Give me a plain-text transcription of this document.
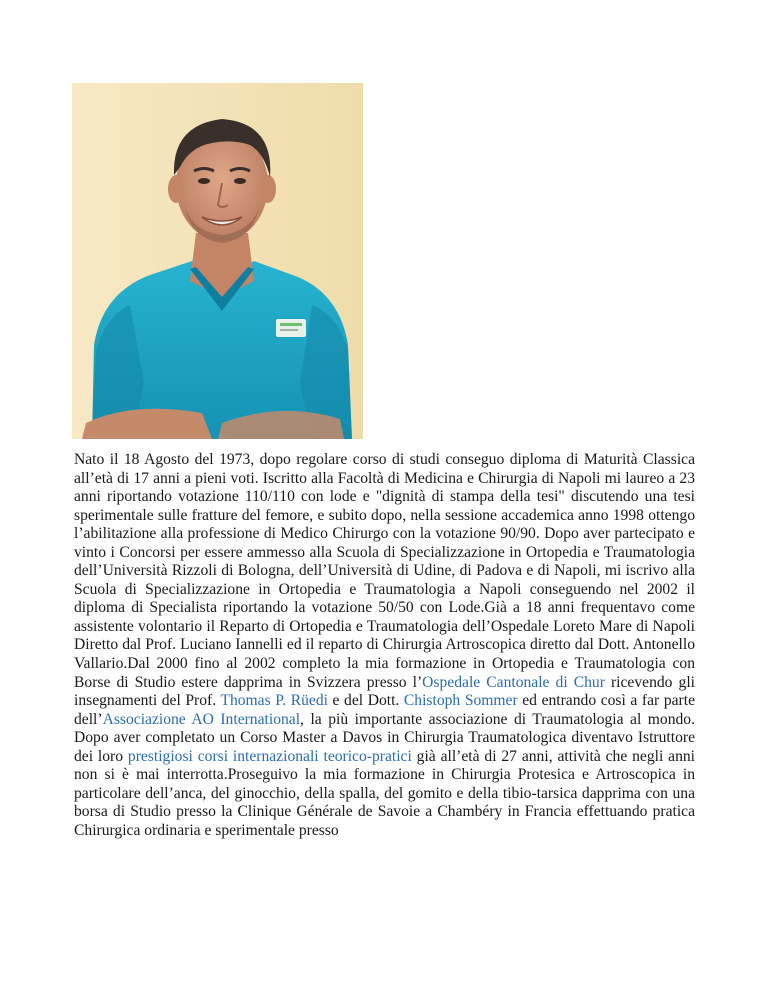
Nato il 18 Agosto del 1973, dopo regolare corso di studi conseguo diploma di Maturità Classica all’età di 17 anni a pieni voti. Iscritto alla Facoltà di Medicina e Chirurgia di Napoli mi laureo a 23 anni riportando votazione 110/110 con lode e "dignità di stampa della tesi" discutendo una tesi sperimentale sulle fratture del femore, e subito dopo, nella sessione accademica anno 1998 ottengo l’abilitazione alla professione di Medico Chirurgo con la votazione 90/90. Dopo aver partecipato e vinto i Concorsi per essere ammesso alla Scuola di Specializzazione in Ortopedia e Traumatologia dell’Università Rizzoli di Bologna, dell’Università di Udine, di Padova e di Napoli, mi iscrivo alla Scuola di Specializzazione in Ortopedia e Traumatologia a Napoli conseguendo nel 2002 il diploma di Specialista riportando la votazione 50/50 con Lode.Già a 18 anni frequentavo come assistente volontario il Reparto di Ortopedia e Traumatologia dell’Ospedale Loreto Mare di Napoli Diretto dal Prof. Luciano Iannelli ed il reparto di Chirurgia Artroscopica diretto dal Dott. Antonello Vallario.Dal 2000 fino al 2002 completo la mia formazione in Ortopedia e Traumatologia con Borse di Studio estere dapprima in Svizzera presso l’Ospedale Cantonale di Chur ricevendo gli insegnamenti del Prof. Thomas P. Rüedi e del Dott. Chistoph Sommer ed entrando così a far parte dell’Associazione AO International, la più importante associazione di Traumatologia al mondo. Dopo aver completato un Corso Master a Davos in Chirurgia Traumatologica diventavo Istruttore dei loro prestigiosi corsi internazionali teorico-pratici già all’età di 27 anni, attività che negli anni non si è mai interrotta.Proseguivo la mia formazione in Chirurgia Protesica e Artroscopica in particolare dell’anca, del ginocchio, della spalla, del gomito e della tibio-tarsica dapprima con una borsa di Studio presso la Clinique Générale de Savoie a Chambéry in Francia effettuando pratica Chirurgica ordinaria e sperimentale presso
